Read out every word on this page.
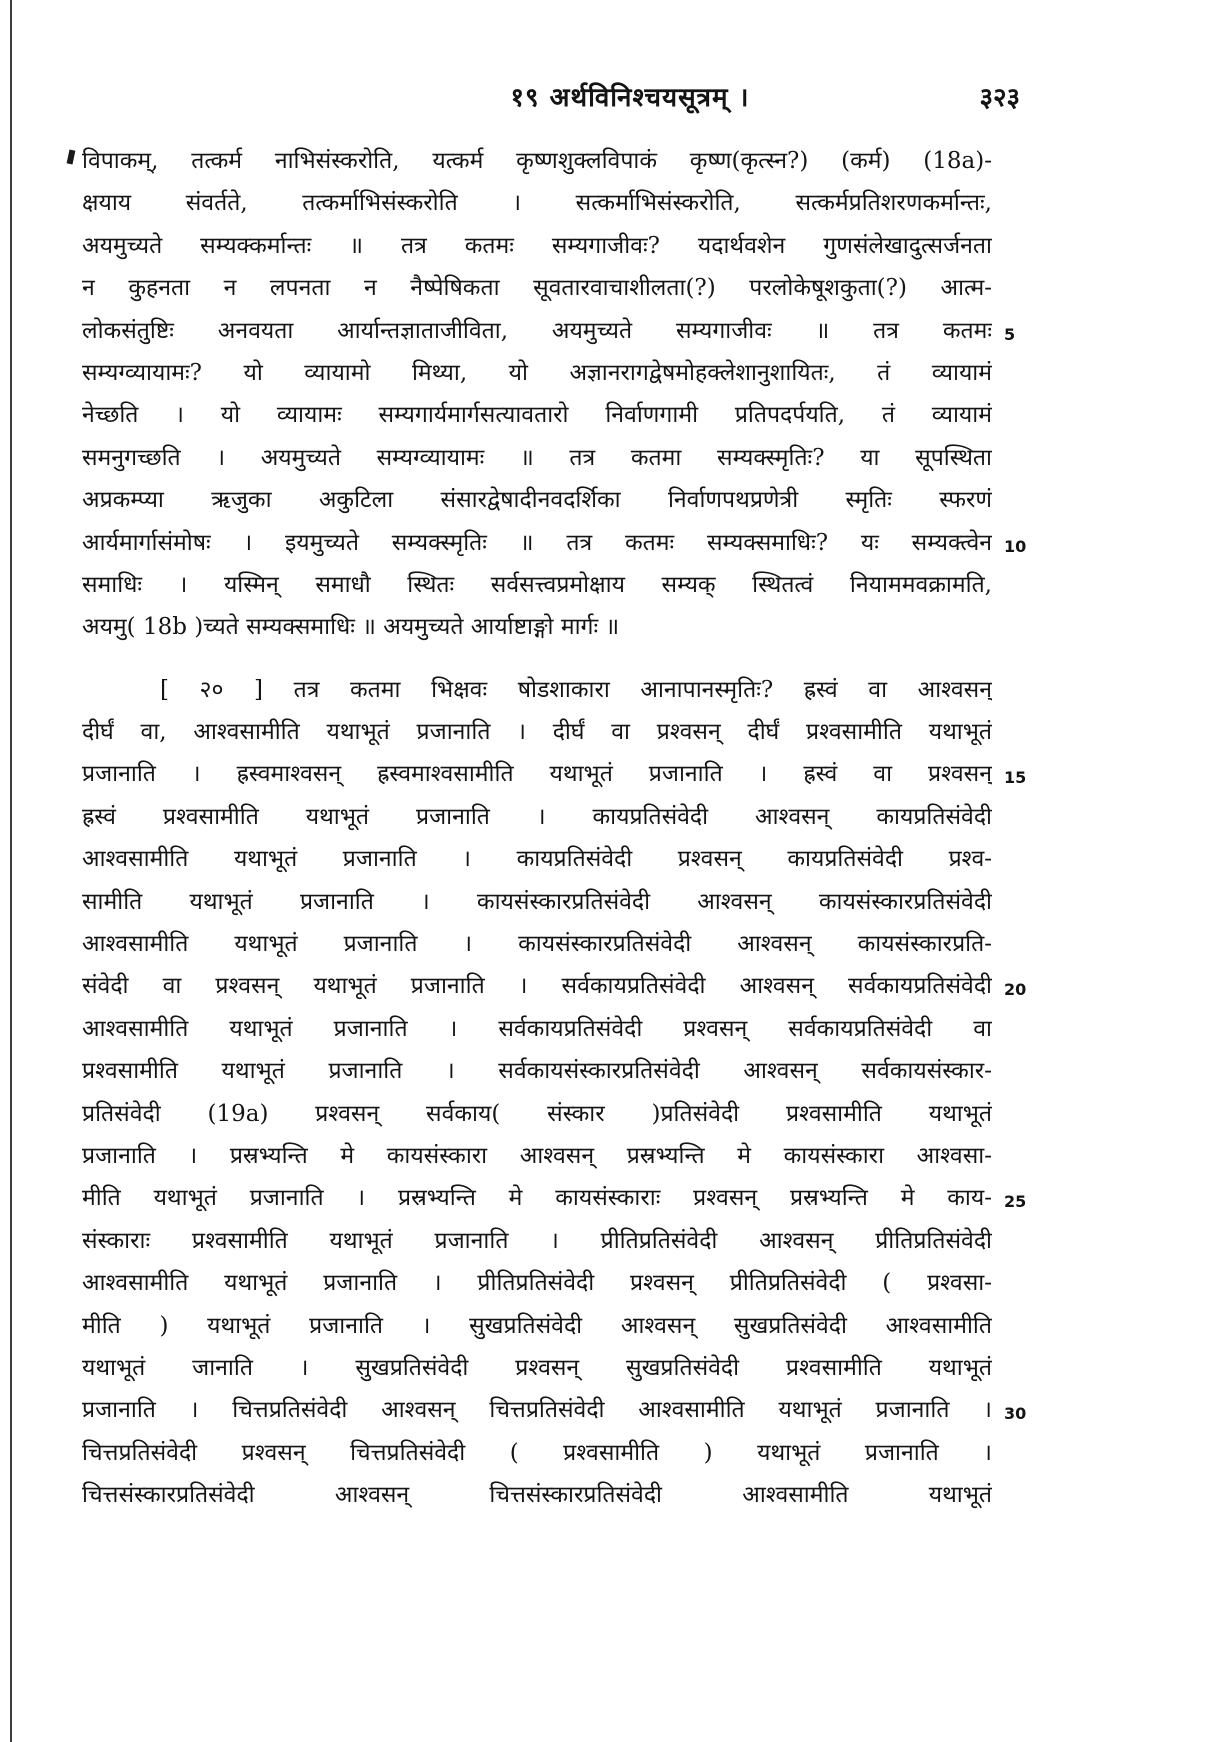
१९ अर्थविनिश्चयसूत्रम् ।	३२३
विपाकम्, तत्कर्म नाभिसंस्करोति, यत्कर्म कृष्णशुक्लविपाकं कृष्ण(कृत्स्न?) (कर्म) (18a)-
क्षयाय संवर्तते, तत्कर्माभिसंस्करोति । सत्कर्माभिसंस्करोति, सत्कर्मप्रतिशरणकर्मान्तः,
अयमुच्यते सम्यक्कर्मान्तः ॥ तत्र कतमः सम्यगाजीवः? यदार्थवशेन गुणसंलेखादुत्सर्जनता
न कुहनता न लपनता न नैष्पेषिकता सूवतारवाचाशीलता(?) परलोकेषूशकुता(?) आत्म-
लोकसंतुष्टिः अनवयता आर्यान्तज्ञाताजीविता, अयमुच्यते सम्यगाजीवः ॥ तत्र कतमः 5
सम्यग्व्यायामः? यो व्यायामो मिथ्या, यो अज्ञानरागद्वेषमोहक्लेशानुशायितः, तं व्यायामं
नेच्छति । यो व्यायामः सम्यगार्यमार्गसत्यावतारो निर्वाणगामी प्रतिपदर्पयति, तं व्यायामं
समनुगच्छति । अयमुच्यते सम्यग्व्यायामः ॥ तत्र कतमा सम्यक्स्मृतिः? या सूपस्थिता
अप्रकम्प्या ऋजुका अकुटिला संसारद्वेषादीनवदर्शिका निर्वाणपथप्रणेत्री स्मृतिः स्फरणं
आर्यमार्गासंमोषः । इयमुच्यते सम्यक्स्मृतिः ॥ तत्र कतमः सम्यक्समाधिः? यः सम्यक्त्वेन 10
समाधिः । यस्मिन् समाधौ स्थितः सर्वसत्त्वप्रमोक्षाय सम्यक् स्थितत्वं नियाममवक्रामति,
अयमु( 18b )च्यते सम्यक्समाधिः ॥ अयमुच्यते आर्याष्टाङ्गो मार्गः ॥
[ २० ] तत्र कतमा भिक्षवः षोडशाकारा आनापानस्मृतिः? ह्रस्वं वा आश्वसन्
दीर्घं वा, आश्वसामीति यथाभूतं प्रजानाति । दीर्घं वा प्रश्वसन् दीर्घं प्रश्वसामीति यथाभूतं
प्रजानाति । ह्रस्वमाश्वसन् ह्रस्वमाश्वसामीति यथाभूतं प्रजानाति । ह्रस्वं वा प्रश्वसन् 15
ह्रस्वं प्रश्वसामीति यथाभूतं प्रजानाति । कायप्रतिसंवेदी आश्वसन् कायप्रतिसंवेदी
आश्वसामीति यथाभूतं प्रजानाति । कायप्रतिसंवेदी प्रश्वसन् कायप्रतिसंवेदी प्रश्व-
सामीति यथाभूतं प्रजानाति । कायसंस्कारप्रतिसंवेदी आश्वसन् कायसंस्कारप्रतिसंवेदी
आश्वसामीति यथाभूतं प्रजानाति । कायसंस्कारप्रतिसंवेदी आश्वसन् कायसंस्कारप्रति-
संवेदी वा प्रश्वसन् यथाभूतं प्रजानाति । सर्वकायप्रतिसंवेदी आश्वसन् सर्वकायप्रतिसंवेदी 20
आश्वसामीति यथाभूतं प्रजानाति । सर्वकायप्रतिसंवेदी प्रश्वसन् सर्वकायप्रतिसंवेदी वा
प्रश्वसामीति यथाभूतं प्रजानाति । सर्वकायसंस्कारप्रतिसंवेदी आश्वसन् सर्वकायसंस्कार-
प्रतिसंवेदी (19a) प्रश्वसन् सर्वकाय( संस्कार )प्रतिसंवेदी प्रश्वसामीति यथाभूतं
प्रजानाति । प्रस्रभ्यन्ति मे कायसंस्कारा आश्वसन् प्रस्रभ्यन्ति मे कायसंस्कारा आश्वसा-
मीति यथाभूतं प्रजानाति । प्रस्रभ्यन्ति मे कायसंस्काराः प्रश्वसन् प्रस्रभ्यन्ति मे काय- 25
संस्काराः प्रश्वसामीति यथाभूतं प्रजानाति । प्रीतिप्रतिसंवेदी आश्वसन् प्रीतिप्रतिसंवेदी
आश्वसामीति यथाभूतं प्रजानाति । प्रीतिप्रतिसंवेदी प्रश्वसन् प्रीतिप्रतिसंवेदी ( प्रश्वसा-
मीति ) यथाभूतं प्रजानाति । सुखप्रतिसंवेदी आश्वसन् सुखप्रतिसंवेदी आश्वसामीति
यथाभूतं जानाति । सुखप्रतिसंवेदी प्रश्वसन् सुखप्रतिसंवेदी प्रश्वसामीति यथाभूतं
प्रजानाति । चित्तप्रतिसंवेदी आश्वसन् चित्तप्रतिसंवेदी आश्वसामीति यथाभूतं प्रजानाति । 30
चित्तप्रतिसंवेदी प्रश्वसन् चित्तप्रतिसंवेदी ( प्रश्वसामीति ) यथाभूतं प्रजानाति ।
चित्तसंस्कारप्रतिसंवेदी आश्वसन् चित्तसंस्कारप्रतिसंवेदी आश्वसामीति यथाभूतं
